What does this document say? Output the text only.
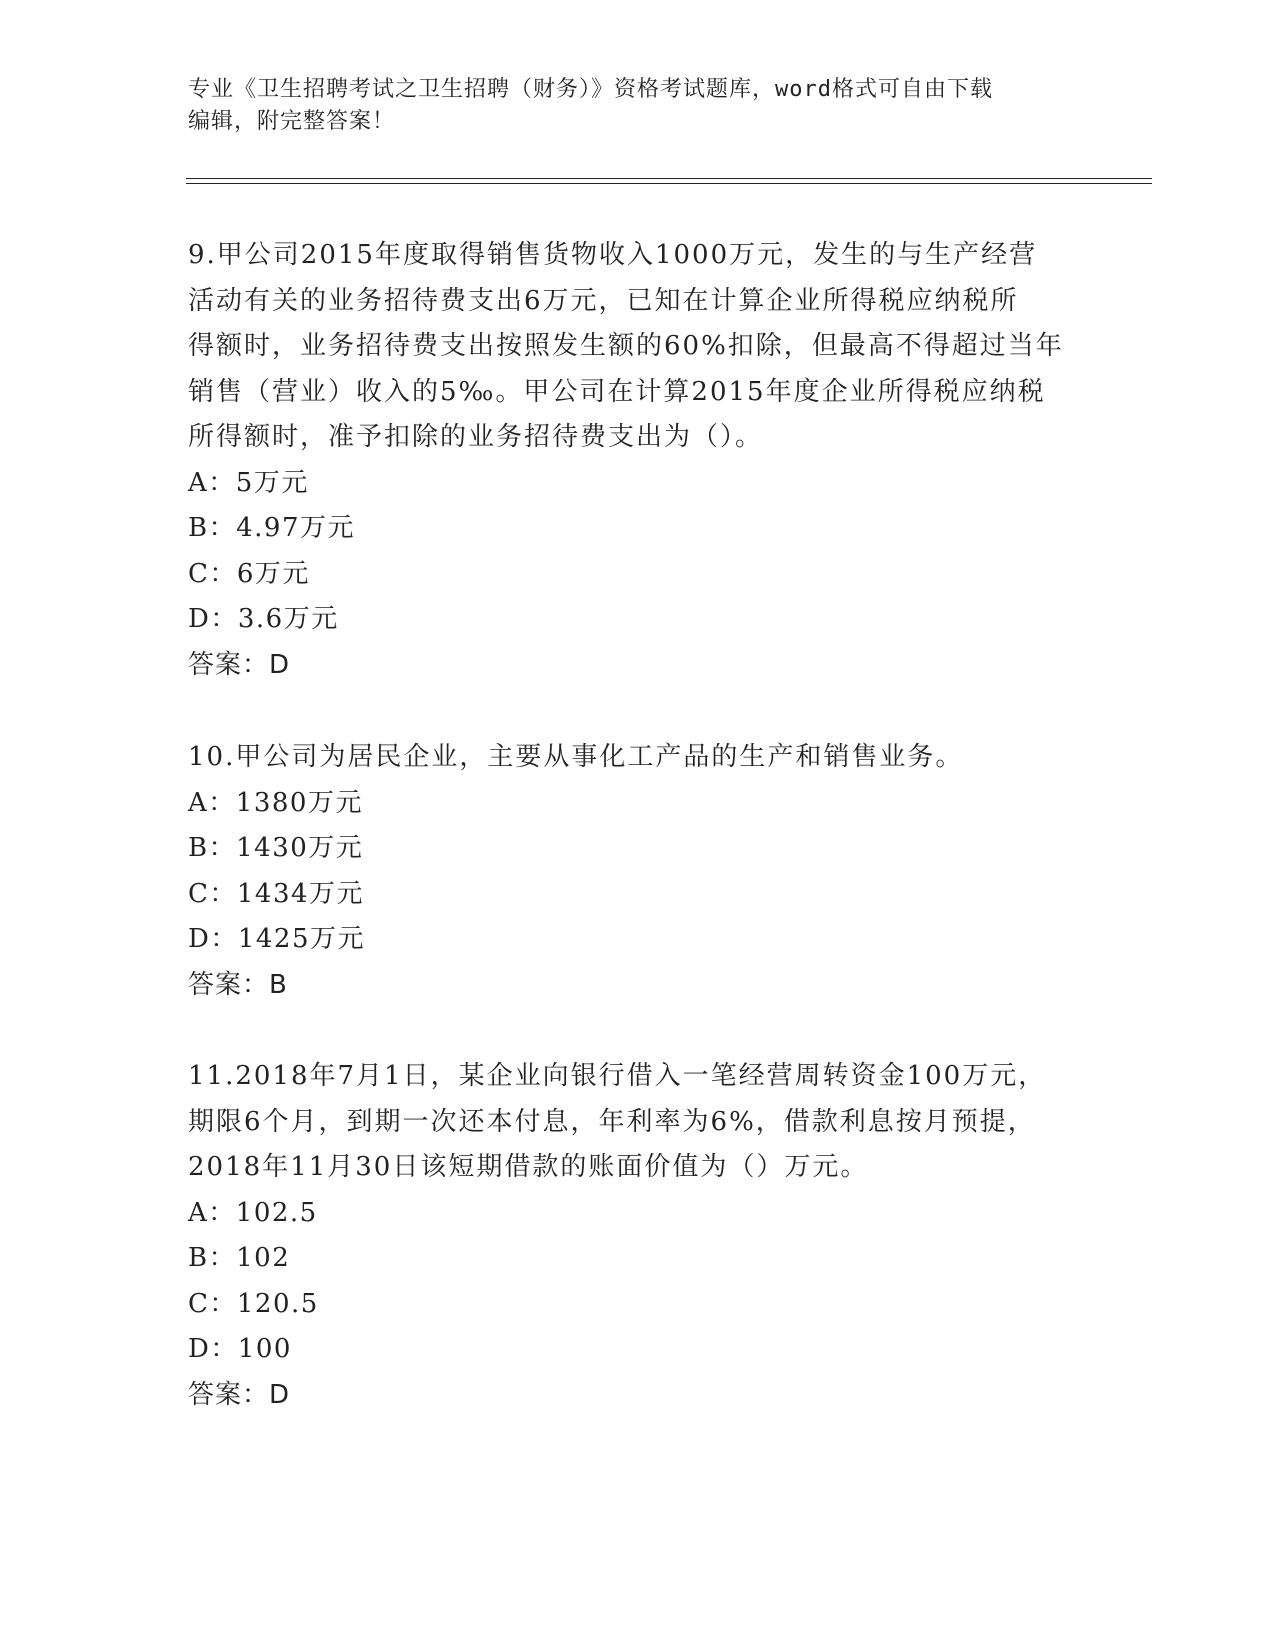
专业《卫生招聘考试之卫生招聘（财务）》资格考试题库，word格式可自由下载
编辑，附完整答案！
9.甲公司2015年度取得销售货物收入1000万元，发生的与生产经营
活动有关的业务招待费支出6万元，已知在计算企业所得税应纳税所
得额时，业务招待费支出按照发生额的60%扣除，但最高不得超过当年
销售（营业）收入的5‰。甲公司在计算2015年度企业所得税应纳税
所得额时，准予扣除的业务招待费支出为（）。
A：5万元
B：4.97万元
C：6万元
D：3.6万元
答案：D
10.甲公司为居民企业，主要从事化工产品的生产和销售业务。
A：1380万元
B：1430万元
C：1434万元
D：1425万元
答案：B
11.2018年7月1日，某企业向银行借入一笔经营周转资金100万元，
期限6个月，到期一次还本付息，年利率为6%，借款利息按月预提，
2018年11月30日该短期借款的账面价值为（）万元。
A：102.5
B：102
C：120.5
D：100
答案：D
